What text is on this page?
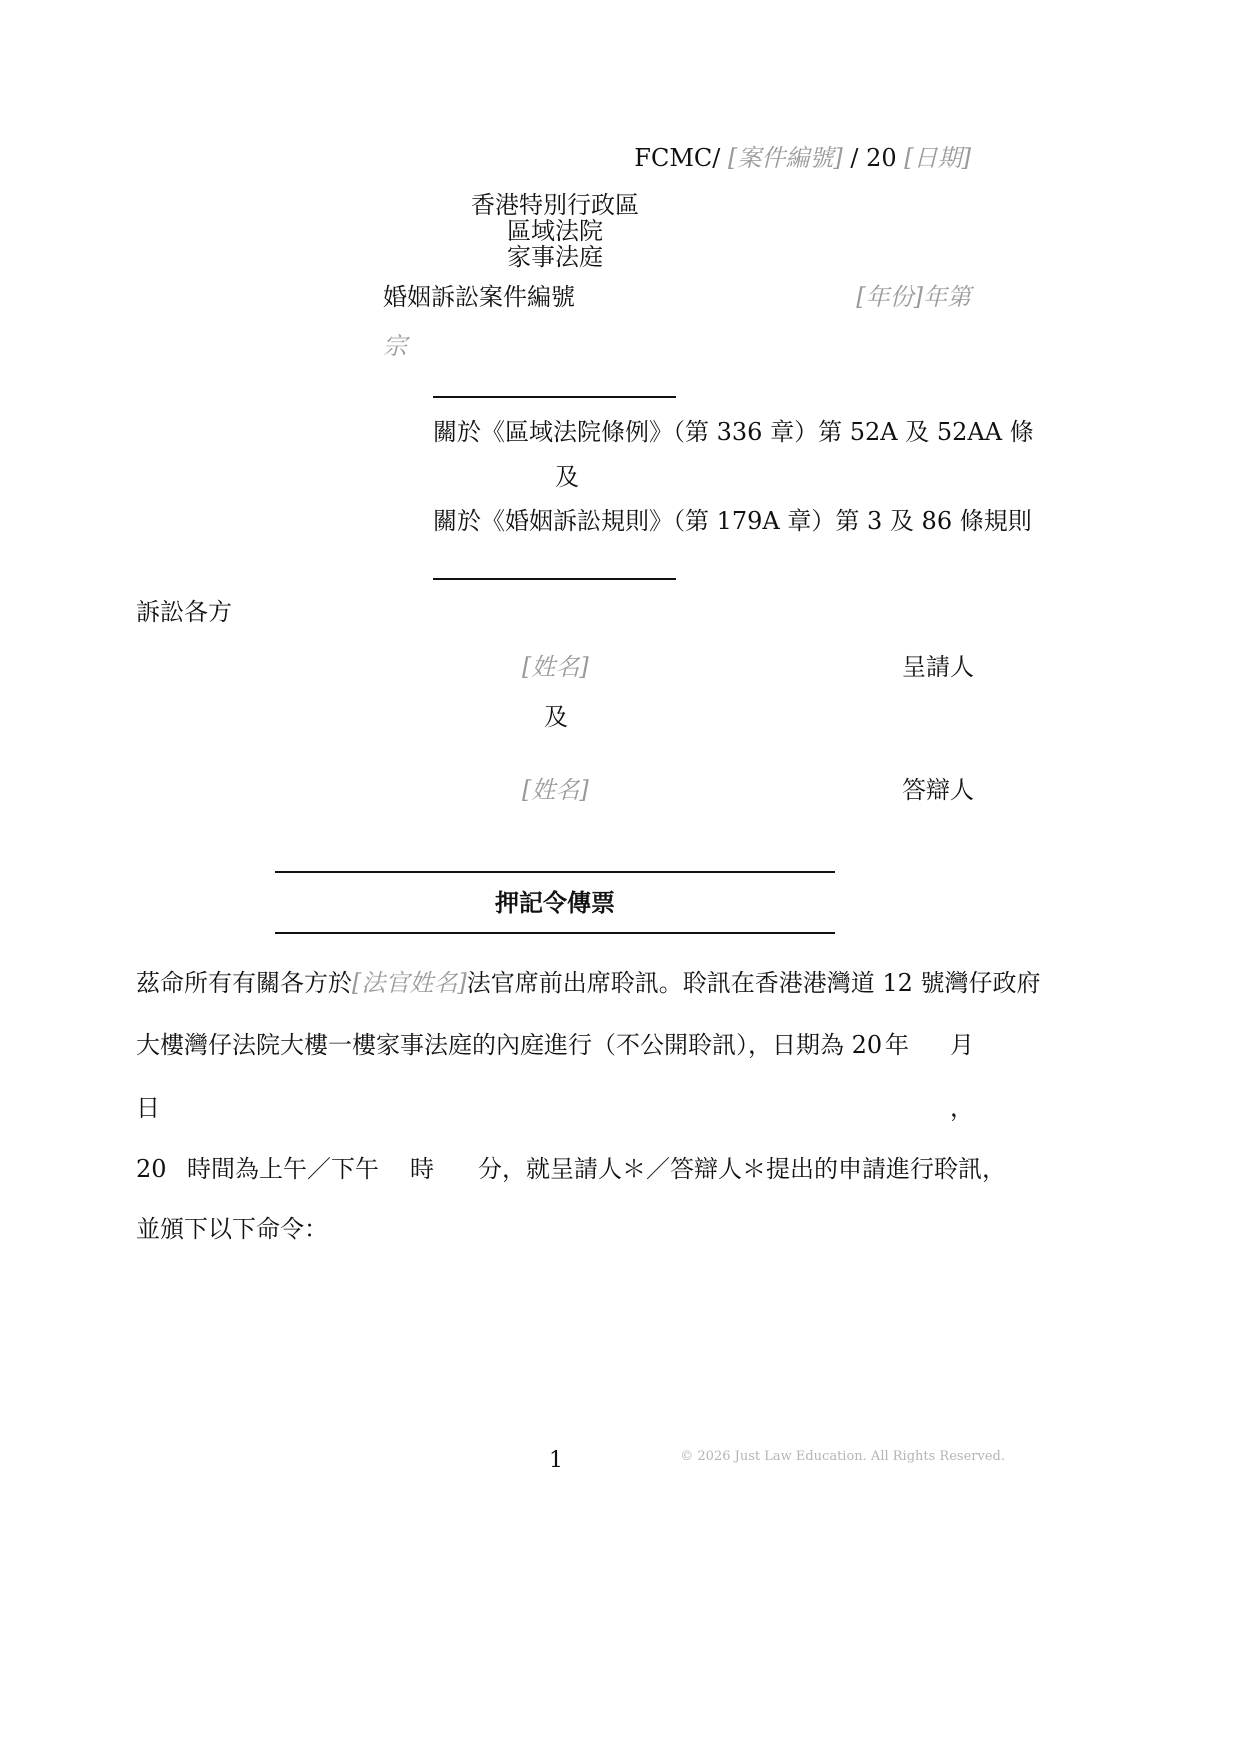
FCMC/ [案件編號] / 20 [日期]
香港特別行政區
區域法院
家事法庭
婚姻訴訟案件編號	[年份]年第
宗
關於《區域法院條例》（第 336 章）第 52A 及 52AA 條
及
關於《婚姻訴訟規則》（第 179A 章）第 3 及 86 條規則
訴訟各方
[姓名]	呈請人
及
[姓名]	答辯人
押記令傳票
茲命所有有關各方於[法官姓名]法官席前出席聆訊。聆訊在香港港灣道 12 號灣仔政府
大樓灣仔法院大樓一樓家事法庭的內庭進行（不公開聆訊），日期為 20 年 月
日	，
20 時間為上午／下午 時 分，就呈請人＊／答辯人＊提出的申請進行聆訊，
並頒下以下命令：
1	© 2026 Just Law Education. All Rights Reserved.
